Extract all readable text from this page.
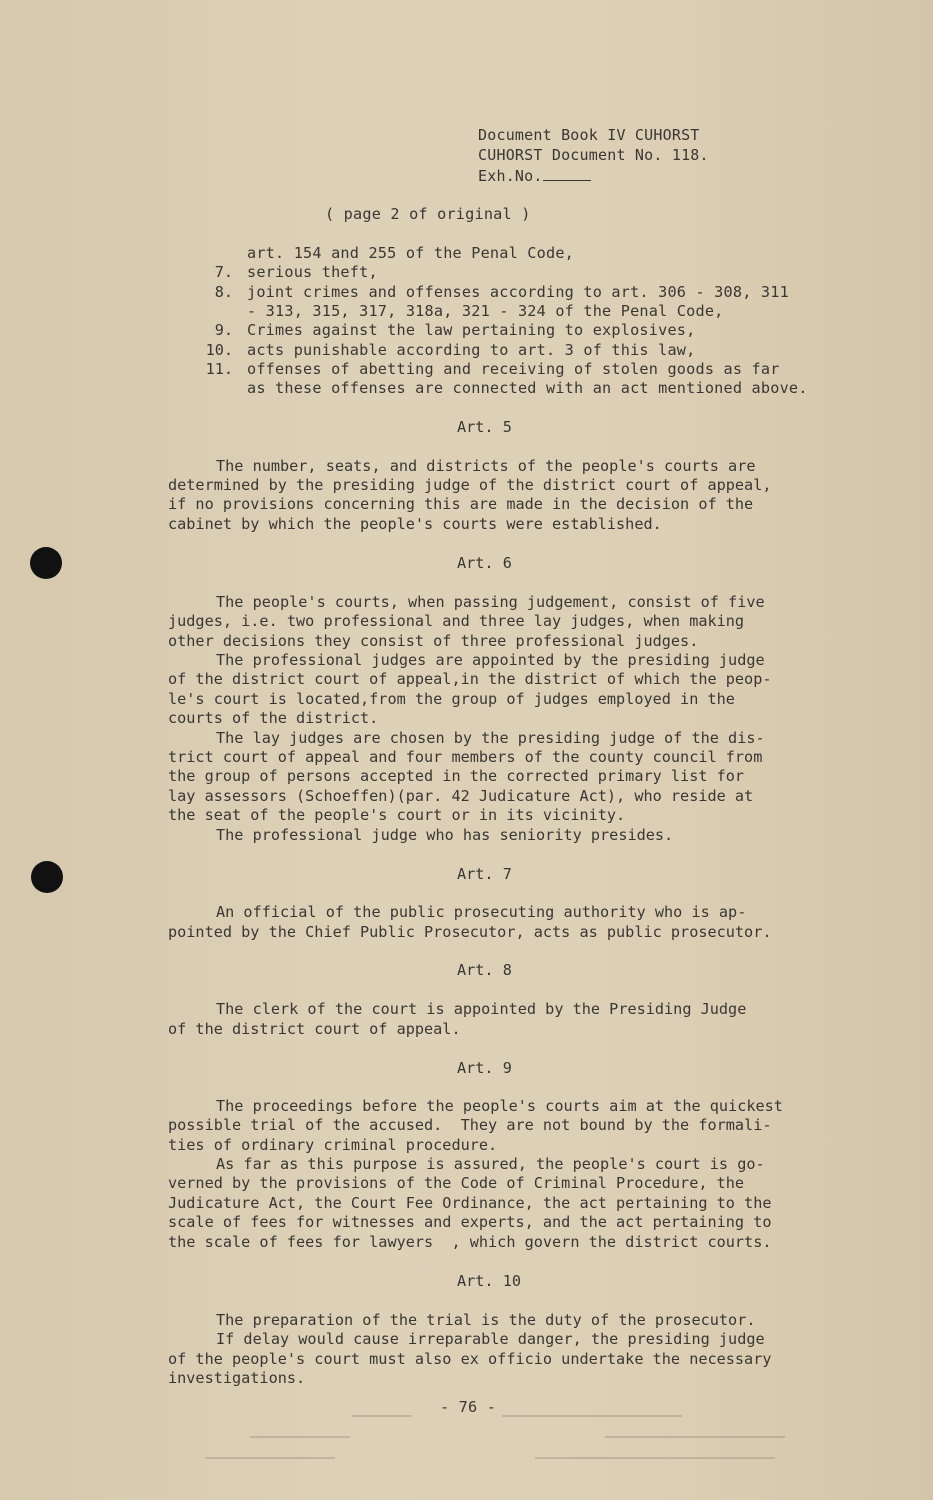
Document Book IV CUHORST
CUHORST Document No. 118.
Exh.No.
( page 2 of original )
art. 154 and 255 of the Penal Code,
7. serious theft,
8. joint crimes and offenses according to art. 306 - 308, 311
- 313, 315, 317, 318a, 321 - 324 of the Penal Code,
9. Crimes against the law pertaining to explosives,
10. acts punishable according to art. 3 of this law,
11. offenses of abetting and receiving of stolen goods as far
as these offenses are connected with an act mentioned above.
Art. 5
The number, seats, and districts of the people's courts are
determined by the presiding judge of the district court of appeal,
if no provisions concerning this are made in the decision of the
cabinet by which the people's courts were established.
Art. 6
The people's courts, when passing judgement, consist of five
judges, i.e. two professional and three lay judges, when making
other decisions they consist of three professional judges.
The professional judges are appointed by the presiding judge
of the district court of appeal,in the district of which the peop-
le's court is located,from the group of judges employed in the
courts of the district.
The lay judges are chosen by the presiding judge of the dis-
trict court of appeal and four members of the county council from
the group of persons accepted in the corrected primary list for
lay assessors (Schoeffen)(par. 42 Judicature Act), who reside at
the seat of the people's court or in its vicinity.
The professional judge who has seniority presides.
Art. 7
An official of the public prosecuting authority who is ap-
pointed by the Chief Public Prosecutor, acts as public prosecutor.
Art. 8
The clerk of the court is appointed by the Presiding Judge
of the district court of appeal.
Art. 9
The proceedings before the people's courts aim at the quickest
possible trial of the accused.  They are not bound by the formali-
ties of ordinary criminal procedure.
As far as this purpose is assured, the people's court is go-
verned by the provisions of the Code of Criminal Procedure, the
Judicature Act, the Court Fee Ordinance, the act pertaining to the
scale of fees for witnesses and experts, and the act pertaining to
the scale of fees for lawyers  , which govern the district courts.
Art. 10
The preparation of the trial is the duty of the prosecutor.
If delay would cause irreparable danger, the presiding judge
of the people's court must also ex officio undertake the necessary
investigations.

- 76 -
